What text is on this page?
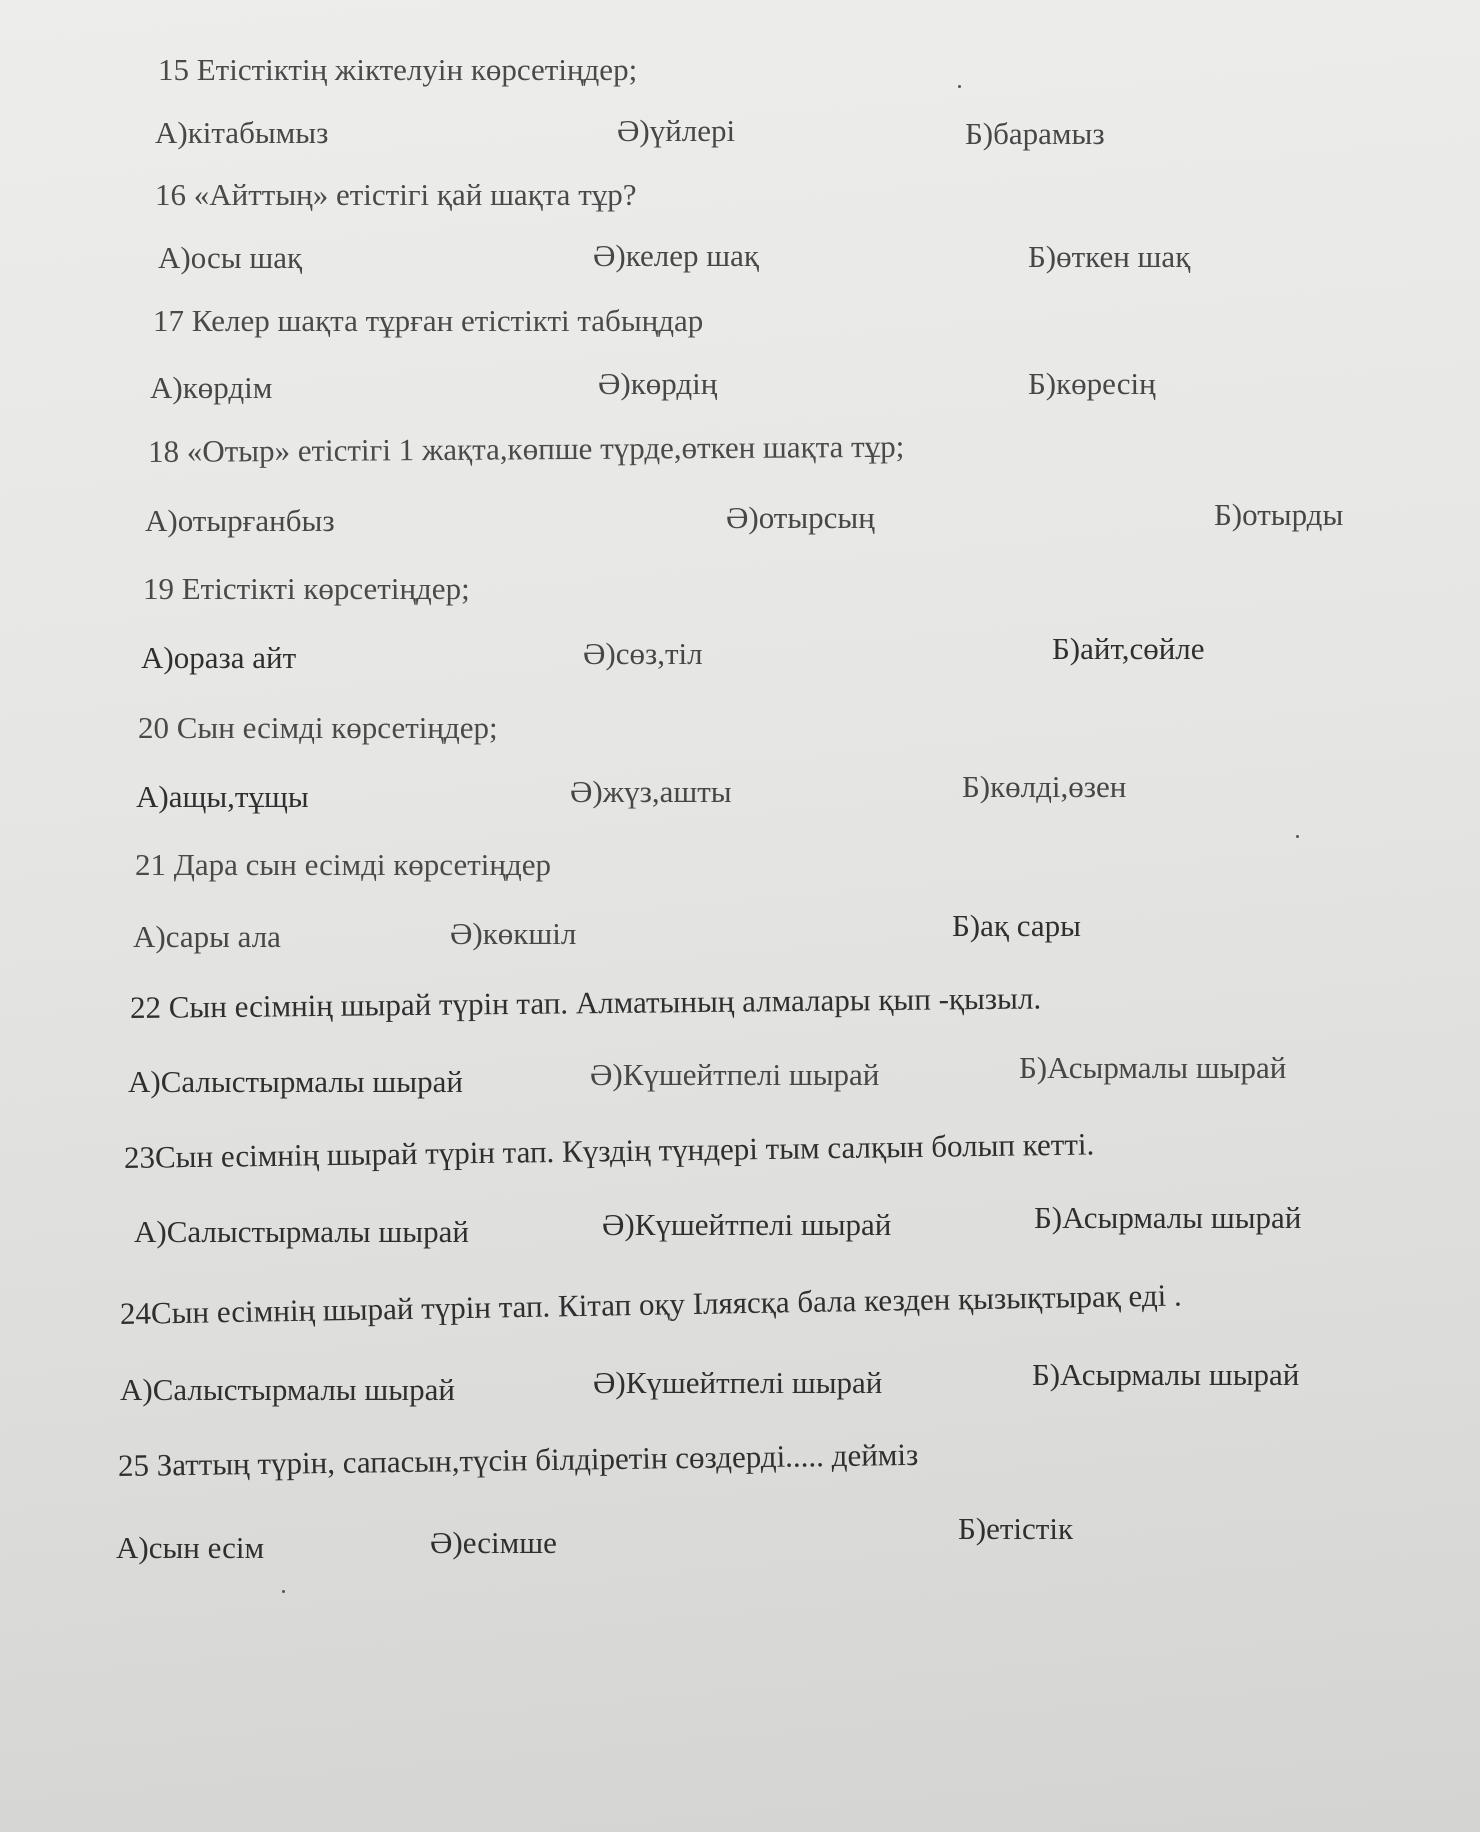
15 Етістіктің жіктелуін көрсетіңдер;
А)кітабымыз	Ә)үйлері	Б)барамыз
16 «Айттың» етістігі қай шақта тұр?
А)осы шақ	Ә)келер шақ	Б)өткен шақ
17 Келер шақта тұрған етістікті табыңдар
А)көрдім	Ә)көрдің	Б)көресің
18 «Отыр» етістігі 1 жақта,көпше түрде,өткен шақта тұр;
А)отырғанбыз	Ә)отырсың	Б)отырды
19 Етістікті көрсетіңдер;
А)ораза айт	Ә)сөз,тіл	Б)айт,сөйле
20 Сын есімді көрсетіңдер;
А)ащы,тұщы	Ә)жүз,ашты	Б)көлді,өзен
21 Дара сын есімді көрсетіңдер
А)сары ала	Ә)көкшіл	Б)ақ сары
22 Сын есімнің шырай түрін тап. Алматының алмалары қып -қызыл.
А)Салыстырмалы шырай	Ә)Күшейтпелі шырай	Б)Асырмалы шырай
23Сын есімнің шырай түрін тап. Күздің түндері тым салқын болып кетті.
А)Салыстырмалы шырай	Ә)Күшейтпелі шырай	Б)Асырмалы шырай
24Сын есімнің шырай түрін тап. Кітап оқу Іляясқа бала кезден қызықтырақ еді .
А)Салыстырмалы шырай	Ә)Күшейтпелі шырай	Б)Асырмалы шырай
25 Заттың түрін, сапасын,түсін білдіретін сөздерді..... дейміз
А)сын есім	Ә)есімше	Б)етістік
